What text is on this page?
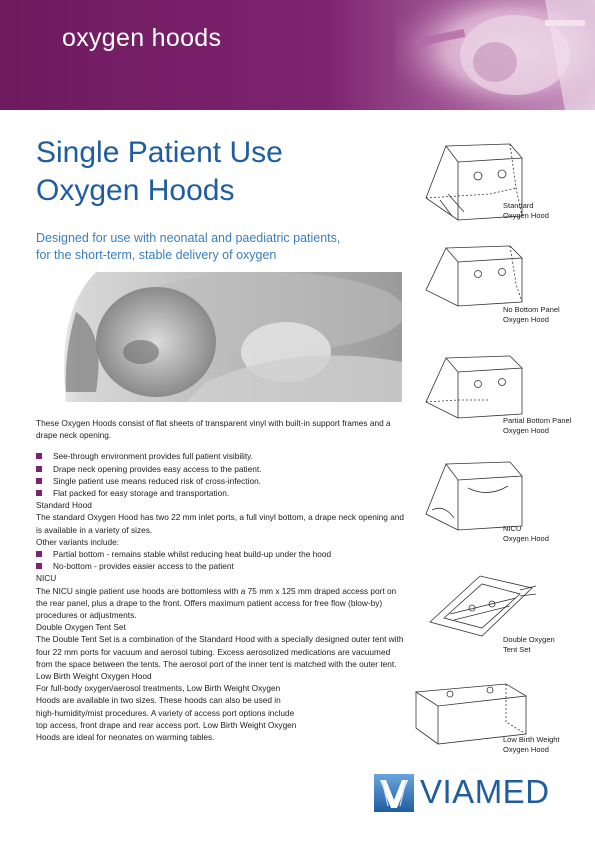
oxygen hoods
Single Patient Use
Oxygen Hoods
Designed for use with neonatal and paediatric patients,
for the short-term, stable delivery of oxygen

These Oxygen Hoods consist of flat sheets of transparent vinyl with built-in support frames and a drape neck opening.

See-through environment provides full patient visibility.
Drape neck opening provides easy access to the patient.
Single patient use means reduced risk of cross-infection.
Flat packed for easy storage and transportation.

Standard Hood

The standard Oxygen Hood has two 22 mm inlet ports, a full vinyl bottom, a drape neck opening and is available in a variety of sizes.

Other variants include:

Partial bottom - remains stable whilst reducing heat build-up under the hood
No-bottom - provides easier access to the patient

NICU

The NICU single patient use hoods are bottomless with a 75 mm x 125 mm draped access port on the rear panel, plus a drape to the front. Offers maximum patient access for free flow (blow-by) procedures or adjustments.

Double Oxygen Tent Set

The Double Tent Set is a combination of the Standard Hood with a specially designed outer tent with four 22 mm ports for vacuum and aerosol tubing. Excess aerosolized medications are vacuumed from the space between the tents. The aerosol port of the inner tent is matched with the outer tent.

Low Birth Weight Oxygen Hood

For full-body oxygen/aerosol treatments, Low Birth Weight Oxygen

Hoods are available in two sizes. These hoods can also be used in

high-humidity/mist procedures. A variety of access port options include

top access, front drape and rear access port. Low Birth Weight Oxygen

Hoods are ideal for neonates on warming tables.

Standard
Oxygen Hood
No Bottom Panel
Oxygen Hood
Partial Bottom Panel
Oxygen Hood
NICU
Oxygen Hood
Double Oxygen
Tent Set
Low Birth Weight
Oxygen Hood
VIAMED
